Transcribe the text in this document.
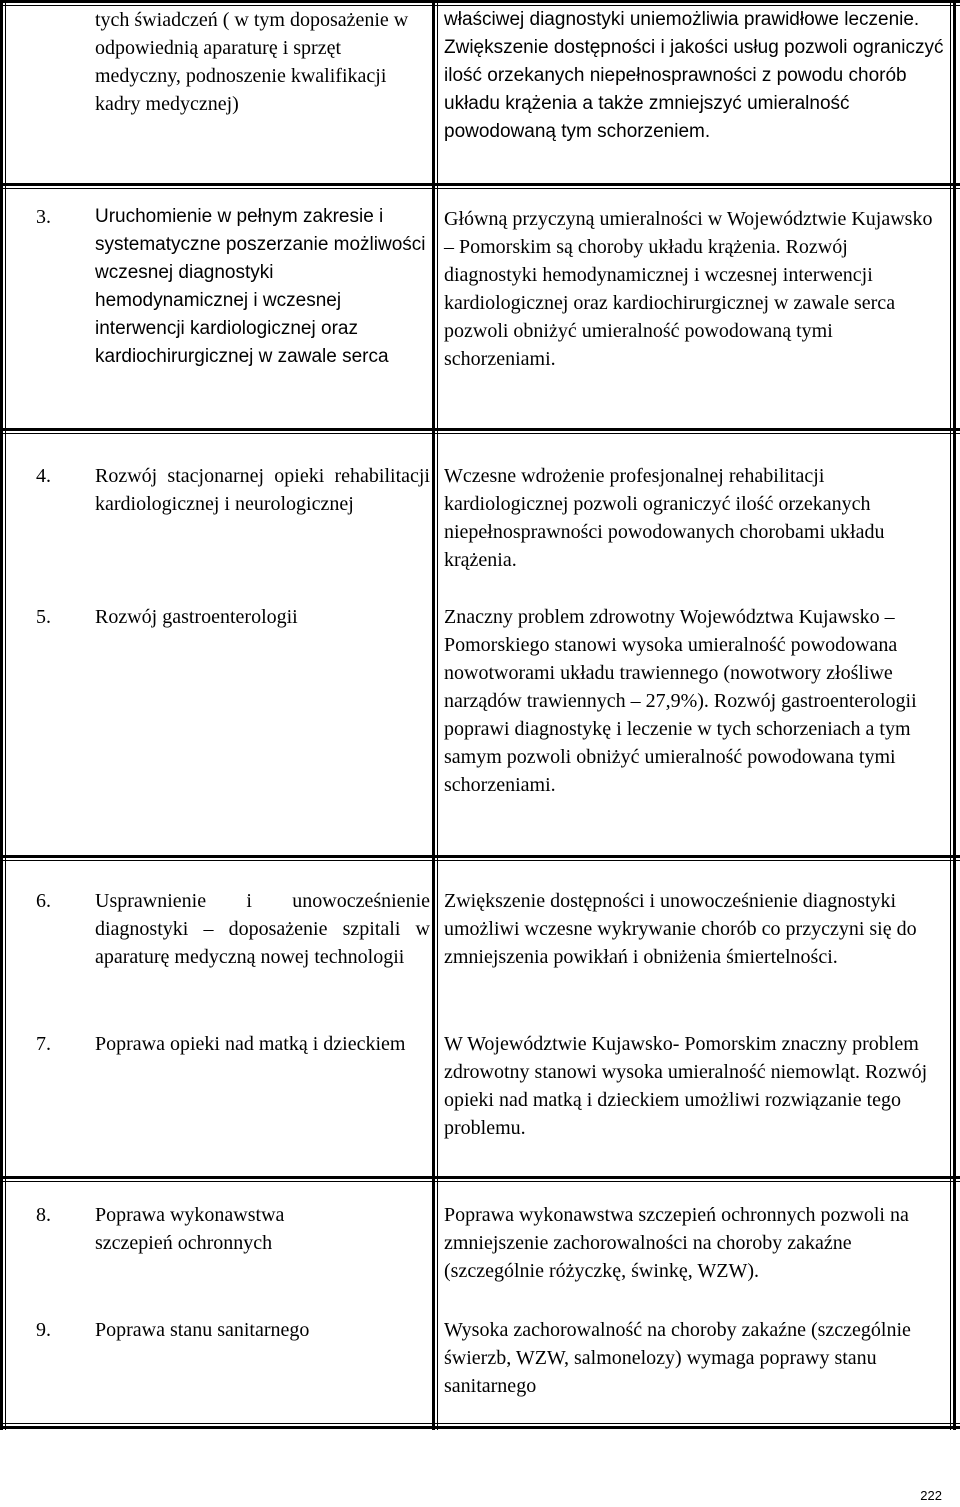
tych świadczeń ( w tym doposażenie w odpowiednią aparaturę i sprzęt medyczny, podnoszenie kwalifikacji kadry medycznej)
właściwej diagnostyki uniemożliwia prawidłowe leczenie. Zwiększenie dostępności i jakości usług pozwoli ograniczyć ilość orzekanych niepełnosprawności z powodu chorób układu krążenia a także zmniejszyć umieralność powodowaną tym schorzeniem.
3.	Uruchomienie w pełnym zakresie i systematyczne poszerzanie możliwości wczesnej diagnostyki hemodynamicznej i wczesnej interwencji kardiologicznej oraz kardiochirurgicznej w zawale serca
Główną przyczyną umieralności w Województwie Kujawsko – Pomorskim są choroby układu krążenia. Rozwój diagnostyki hemodynamicznej i wczesnej interwencji kardiologicznej oraz kardiochirurgicznej w zawale serca pozwoli obniżyć umieralność powodowaną tymi schorzeniami.
4.	Rozwój stacjonarnej opieki rehabilitacji kardiologicznej i neurologicznej
Wczesne wdrożenie profesjonalnej rehabilitacji kardiologicznej pozwoli ograniczyć ilość orzekanych niepełnosprawności powodowanych chorobami układu krążenia.
5.	Rozwój gastroenterologii	Znaczny problem zdrowotny Województwa Kujawsko – Pomorskiego stanowi wysoka umieralność powodowana nowotworami układu trawiennego (nowotwory złośliwe narządów trawiennych – 27,9%). Rozwój gastroenterologii poprawi diagnostykę i leczenie w tych schorzeniach a tym samym pozwoli obniżyć umieralność powodowana tymi schorzeniami.
6.	Usprawnienie i unowocześnienie diagnostyki – doposażenie szpitali w aparaturę medyczną nowej technologii
Zwiększenie dostępności i unowocześnienie diagnostyki umożliwi wczesne wykrywanie chorób co przyczyni się do zmniejszenia powikłań i obniżenia śmiertelności.
7.	Poprawa opieki nad matką i dzieckiem	W Województwie Kujawsko- Pomorskim znaczny problem zdrowotny stanowi wysoka umieralność niemowląt. Rozwój opieki nad matką i dzieckiem umożliwi rozwiązanie tego problemu.
8.	Poprawa wykonawstwa szczepień ochronnych
Poprawa wykonawstwa szczepień ochronnych pozwoli na zmniejszenie zachorowalności na choroby zakaźne (szczególnie różyczkę, świnkę, WZW).
9.	Poprawa stanu sanitarnego	Wysoka zachorowalność na choroby zakaźne (szczególnie świerzb, WZW, salmonelozy) wymaga poprawy stanu sanitarnego
222
